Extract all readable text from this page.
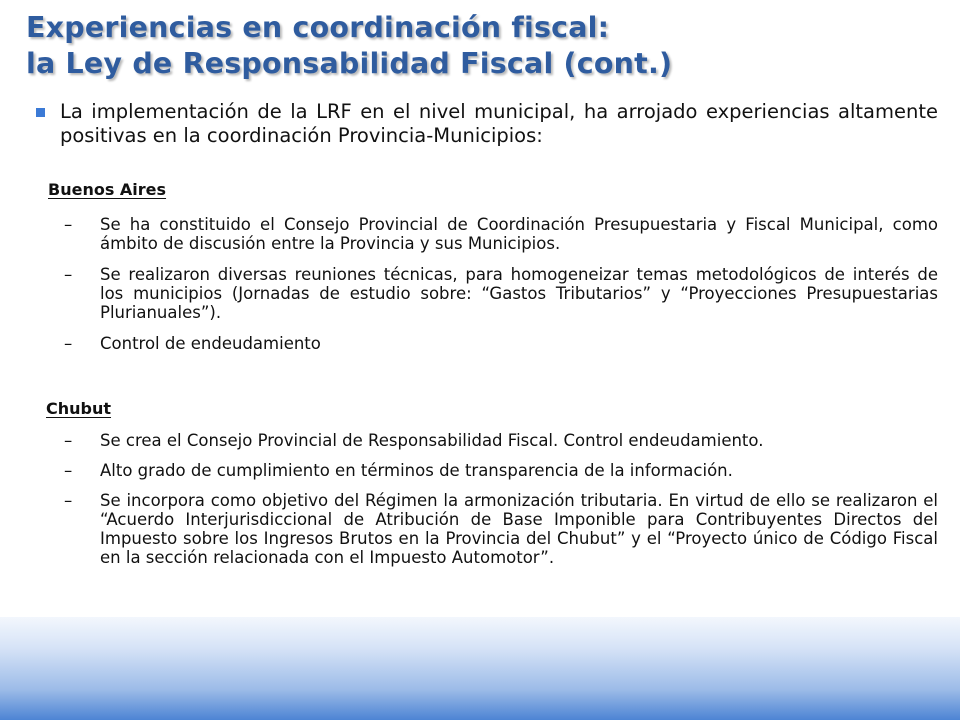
Experiencias en coordinación fiscal:
la Ley de Responsabilidad Fiscal (cont.)
La implementación de la LRF en el nivel municipal, ha arrojado experiencias altamente positivas en la coordinación Provincia-Municipios:
Buenos Aires
– Se ha constituido el Consejo Provincial de Coordinación Presupuestaria y Fiscal Municipal, como ámbito de discusión entre la Provincia y sus Municipios.
– Se realizaron diversas reuniones técnicas, para homogeneizar temas metodológicos de interés de los municipios (Jornadas de estudio sobre: “Gastos Tributarios” y “Proyecciones Presupuestarias Plurianuales”).
– Control de endeudamiento
Chubut
– Se crea el Consejo Provincial de Responsabilidad Fiscal. Control endeudamiento.
– Alto grado de cumplimiento en términos de transparencia de la información.
– Se incorpora como objetivo del Régimen la armonización tributaria. En virtud de ello se realizaron el “Acuerdo Interjurisdiccional de Atribución de Base Imponible para Contribuyentes Directos del Impuesto sobre los Ingresos Brutos en la Provincia del Chubut” y el “Proyecto único de Código Fiscal en la sección relacionada con el Impuesto Automotor”.
